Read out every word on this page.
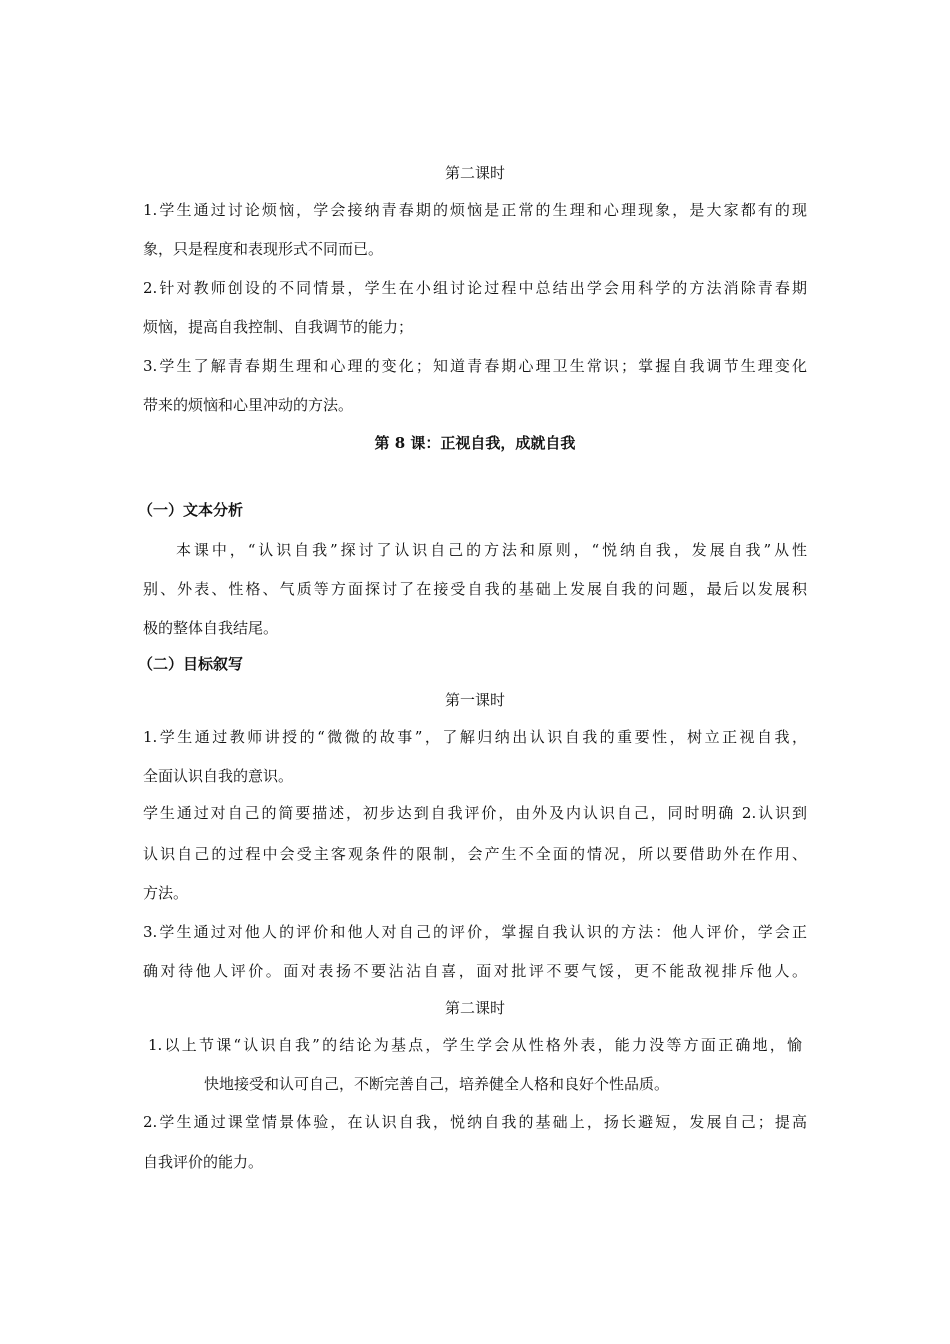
第二课时
1.学生通过讨论烦恼，学会接纳青春期的烦恼是正常的生理和心理现象，是大家都有的现
象，只是程度和表现形式不同而已。
2.针对教师创设的不同情景，学生在小组讨论过程中总结出学会用科学的方法消除青春期
烦恼，提高自我控制、自我调节的能力；
3.学生了解青春期生理和心理的变化；知道青春期心理卫生常识；掌握自我调节生理变化
带来的烦恼和心里冲动的方法。
第 8 课：正视自我，成就自我
（一）文本分析
本课中，“认识自我”探讨了认识自己的方法和原则，“悦纳自我，发展自我”从性
别、外表、性格、气质等方面探讨了在接受自我的基础上发展自我的问题，最后以发展积
极的整体自我结尾。
（二）目标叙写
第一课时
1.学生通过教师讲授的“微微的故事”，了解归纳出认识自我的重要性，树立正视自我，
全面认识自我的意识。
学生通过对自己的简要描述，初步达到自我评价，由外及内认识自己，同时明确 2.认识到
认识自己的过程中会受主客观条件的限制，会产生不全面的情况，所以要借助外在作用、
方法。
3.学生通过对他人的评价和他人对自己的评价，掌握自我认识的方法：他人评价，学会正
确对待他人评价。面对表扬不要沾沾自喜，面对批评不要气馁，更不能敌视排斥他人。
第二课时
1.以上节课“认识自我”的结论为基点，学生学会从性格外表，能力没等方面正确地，愉
快地接受和认可自己，不断完善自己，培养健全人格和良好个性品质。
2.学生通过课堂情景体验，在认识自我，悦纳自我的基础上，扬长避短，发展自己；提高
自我评价的能力。
